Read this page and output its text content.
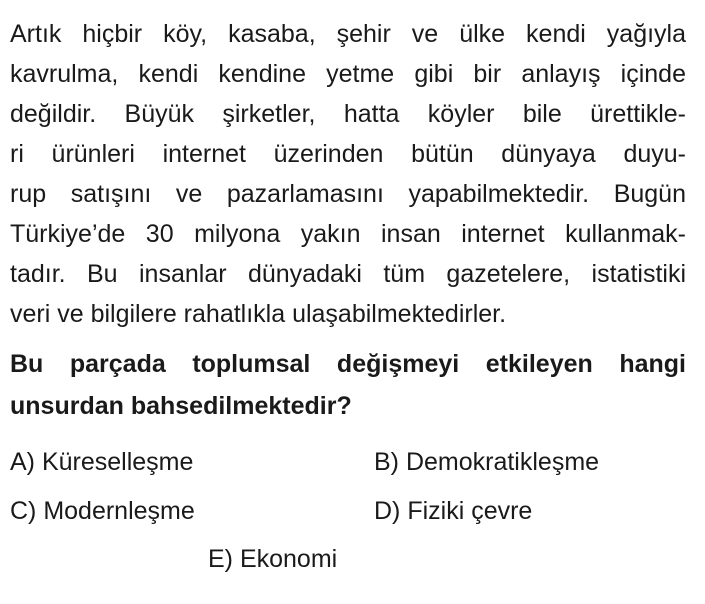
Artık hiçbir köy, kasaba, şehir ve ülke kendi yağıyla
kavrulma, kendi kendine yetme gibi bir anlayış içinde
değildir. Büyük şirketler, hatta köyler bile ürettikle-
ri ürünleri internet üzerinden bütün dünyaya duyu-
rup satışını ve pazarlamasını yapabilmektedir. Bugün
Türkiye’de 30 milyona yakın insan internet kullanmak-
tadır. Bu insanlar dünyadaki tüm gazetelere, istatistiki
veri ve bilgilere rahatlıkla ulaşabilmektedirler.
Bu parçada toplumsal değişmeyi etkileyen hangi
unsurdan bahsedilmektedir?
A) Küreselleşme	B) Demokratikleşme
C) Modernleşme	D) Fiziki çevre
E) Ekonomi
